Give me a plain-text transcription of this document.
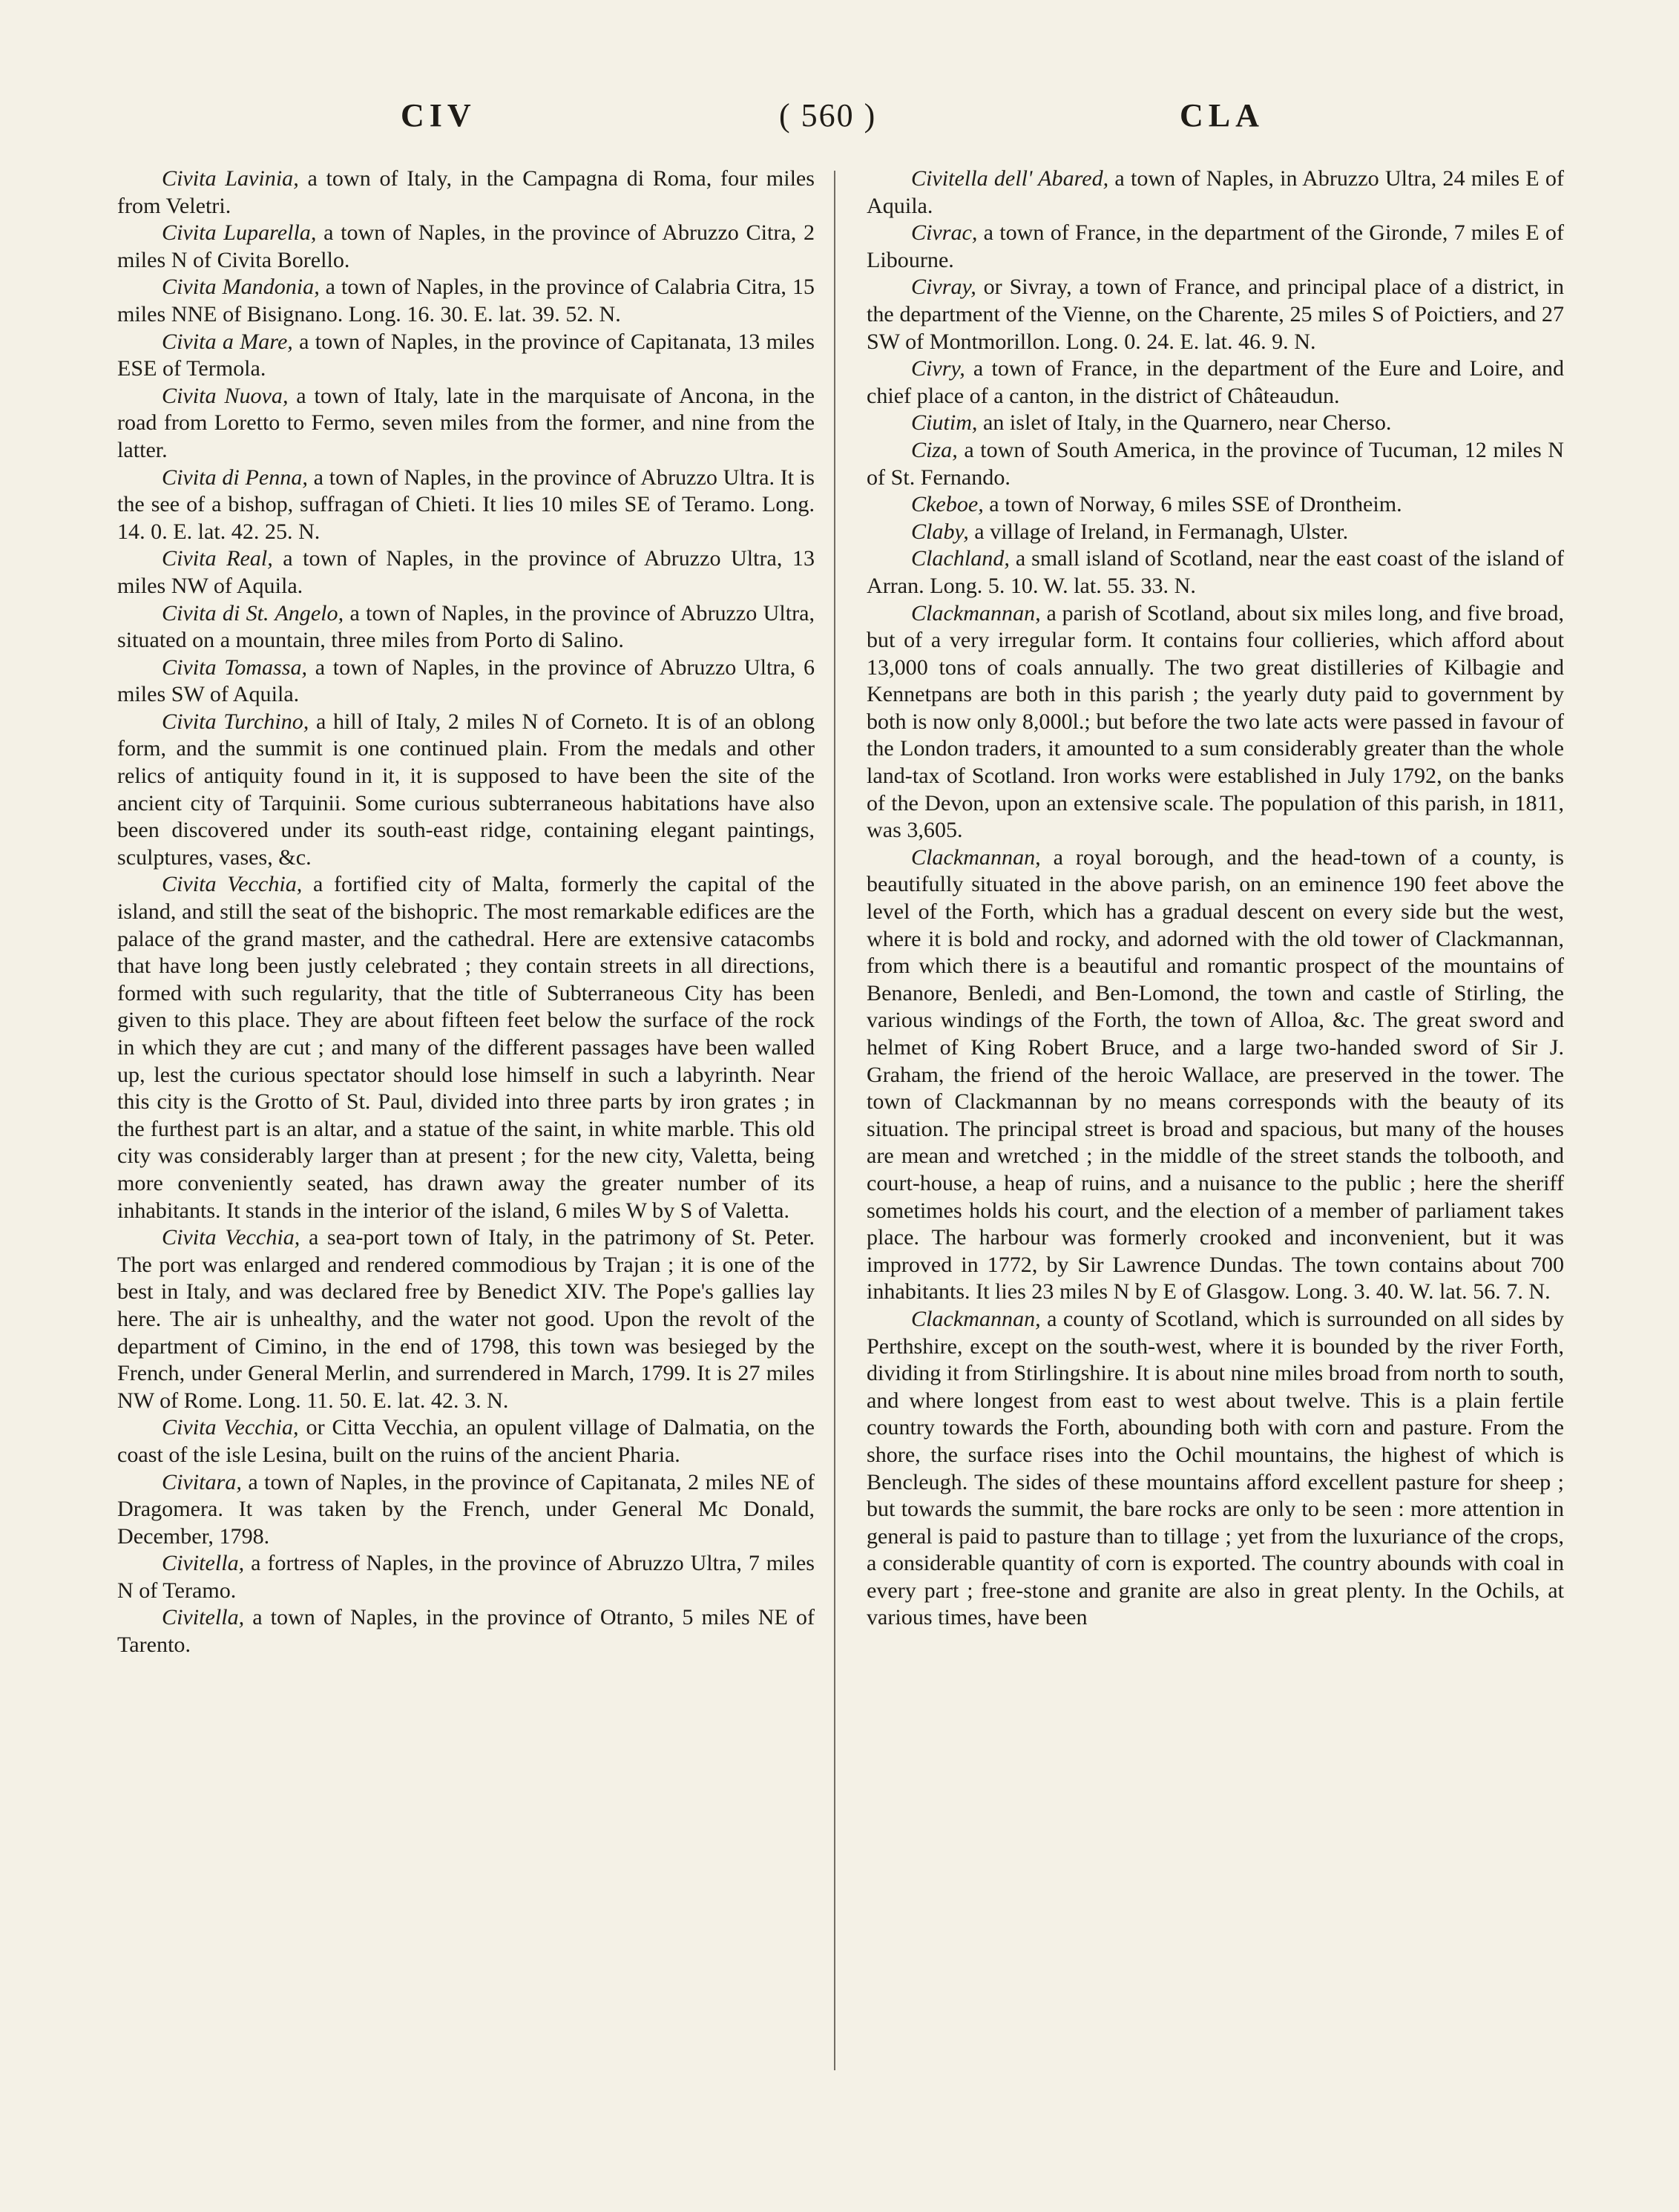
CIV	( 560 )	CLA

Civita Lavinia, a town of Italy, in the Campagna di Roma, four miles from Veletri.

Civita Luparella, a town of Naples, in the province of Abruzzo Citra, 2 miles N of Civita Borello.

Civita Mandonia, a town of Naples, in the province of Calabria Citra, 15 miles NNE of Bisignano. Long. 16. 30. E. lat. 39. 52. N.

Civita a Mare, a town of Naples, in the province of Capitanata, 13 miles ESE of Termola.

Civita Nuova, a town of Italy, late in the marquisate of Ancona, in the road from Loretto to Fermo, seven miles from the former, and nine from the latter.

Civita di Penna, a town of Naples, in the province of Abruzzo Ultra. It is the see of a bishop, suffragan of Chieti. It lies 10 miles SE of Teramo. Long. 14. 0. E. lat. 42. 25. N.

Civita Real, a town of Naples, in the province of Abruzzo Ultra, 13 miles NW of Aquila.

Civita di St. Angelo, a town of Naples, in the province of Abruzzo Ultra, situated on a mountain, three miles from Porto di Salino.

Civita Tomassa, a town of Naples, in the province of Abruzzo Ultra, 6 miles SW of Aquila.

Civita Turchino, a hill of Italy, 2 miles N of Corneto. It is of an oblong form, and the summit is one continued plain. From the medals and other relics of antiquity found in it, it is supposed to have been the site of the ancient city of Tarquinii. Some curious subterraneous habitations have also been discovered under its south-east ridge, containing elegant paintings, sculptures, vases, &c.

Civita Vecchia, a fortified city of Malta, formerly the capital of the island, and still the seat of the bishopric. The most remarkable edifices are the palace of the grand master, and the cathedral. Here are extensive catacombs that have long been justly celebrated ; they contain streets in all directions, formed with such regularity, that the title of Subterraneous City has been given to this place. They are about fifteen feet below the surface of the rock in which they are cut ; and many of the different passages have been walled up, lest the curious spectator should lose himself in such a labyrinth. Near this city is the Grotto of St. Paul, divided into three parts by iron grates ; in the furthest part is an altar, and a statue of the saint, in white marble. This old city was considerably larger than at present ; for the new city, Valetta, being more conveniently seated, has drawn away the greater number of its inhabitants. It stands in the interior of the island, 6 miles W by S of Valetta.

Civita Vecchia, a sea-port town of Italy, in the patrimony of St. Peter. The port was enlarged and rendered commodious by Trajan ; it is one of the best in Italy, and was declared free by Benedict XIV. The Pope's gallies lay here. The air is unhealthy, and the water not good. Upon the revolt of the department of Cimino, in the end of 1798, this town was besieged by the French, under General Merlin, and surrendered in March, 1799. It is 27 miles NW of Rome. Long. 11. 50. E. lat. 42. 3. N.

Civita Vecchia, or Citta Vecchia, an opulent village of Dalmatia, on the coast of the isle Lesina, built on the ruins of the ancient Pharia.

Civitara, a town of Naples, in the province of Capitanata, 2 miles NE of Dragomera. It was taken by the French, under General Mc Donald, December, 1798.

Civitella, a fortress of Naples, in the province of Abruzzo Ultra, 7 miles N of Teramo.

Civitella, a town of Naples, in the province of Otranto, 5 miles NE of Tarento.

Civitella dell' Abared, a town of Naples, in Abruzzo Ultra, 24 miles E of Aquila.

Civrac, a town of France, in the department of the Gironde, 7 miles E of Libourne.

Civray, or Sivray, a town of France, and principal place of a district, in the department of the Vienne, on the Charente, 25 miles S of Poictiers, and 27 SW of Montmorillon. Long. 0. 24. E. lat. 46. 9. N.

Civry, a town of France, in the department of the Eure and Loire, and chief place of a canton, in the district of Châteaudun.

Ciutim, an islet of Italy, in the Quarnero, near Cherso.

Ciza, a town of South America, in the province of Tucuman, 12 miles N of St. Fernando.

Ckeboe, a town of Norway, 6 miles SSE of Drontheim.

Claby, a village of Ireland, in Fermanagh, Ulster.

Clachland, a small island of Scotland, near the east coast of the island of Arran. Long. 5. 10. W. lat. 55. 33. N.

Clackmannan, a parish of Scotland, about six miles long, and five broad, but of a very irregular form. It contains four collieries, which afford about 13,000 tons of coals annually. The two great distilleries of Kilbagie and Kennetpans are both in this parish ; the yearly duty paid to government by both is now only 8,000l.; but before the two late acts were passed in favour of the London traders, it amounted to a sum considerably greater than the whole land-tax of Scotland. Iron works were established in July 1792, on the banks of the Devon, upon an extensive scale. The population of this parish, in 1811, was 3,605.

Clackmannan, a royal borough, and the head-town of a county, is beautifully situated in the above parish, on an eminence 190 feet above the level of the Forth, which has a gradual descent on every side but the west, where it is bold and rocky, and adorned with the old tower of Clackmannan, from which there is a beautiful and romantic prospect of the mountains of Benanore, Benledi, and Ben-Lomond, the town and castle of Stirling, the various windings of the Forth, the town of Alloa, &c. The great sword and helmet of King Robert Bruce, and a large two-handed sword of Sir J. Graham, the friend of the heroic Wallace, are preserved in the tower. The town of Clackmannan by no means corresponds with the beauty of its situation. The principal street is broad and spacious, but many of the houses are mean and wretched ; in the middle of the street stands the tolbooth, and court-house, a heap of ruins, and a nuisance to the public ; here the sheriff sometimes holds his court, and the election of a member of parliament takes place. The harbour was formerly crooked and inconvenient, but it was improved in 1772, by Sir Lawrence Dundas. The town contains about 700 inhabitants. It lies 23 miles N by E of Glasgow. Long. 3. 40. W. lat. 56. 7. N.

Clackmannan, a county of Scotland, which is surrounded on all sides by Perthshire, except on the south-west, where it is bounded by the river Forth, dividing it from Stirlingshire. It is about nine miles broad from north to south, and where longest from east to west about twelve. This is a plain fertile country towards the Forth, abounding both with corn and pasture. From the shore, the surface rises into the Ochil mountains, the highest of which is Bencleugh. The sides of these mountains afford excellent pasture for sheep ; but towards the summit, the bare rocks are only to be seen : more attention in general is paid to pasture than to tillage ; yet from the luxuriance of the crops, a considerable quantity of corn is exported. The country abounds with coal in every part ; free-stone and granite are also in great plenty. In the Ochils, at various times, have been
